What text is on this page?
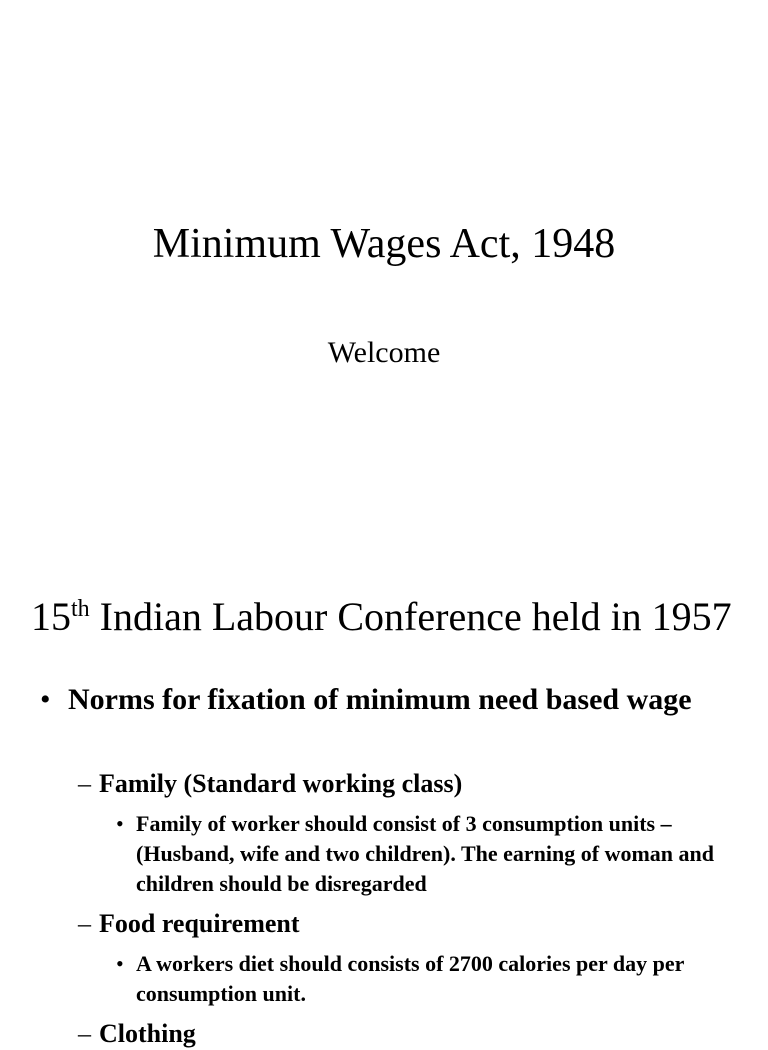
Minimum Wages Act, 1948
Welcome
15th Indian Labour Conference held in 1957
• Norms for fixation of minimum need based wage
– Family (Standard working class)
• Family of worker should consist of 3 consumption units –(Husband, wife and two children). The earning of woman and children should be disregarded
– Food requirement
• A workers diet should consists of 2700 calories per day per consumption unit.
– Clothing
